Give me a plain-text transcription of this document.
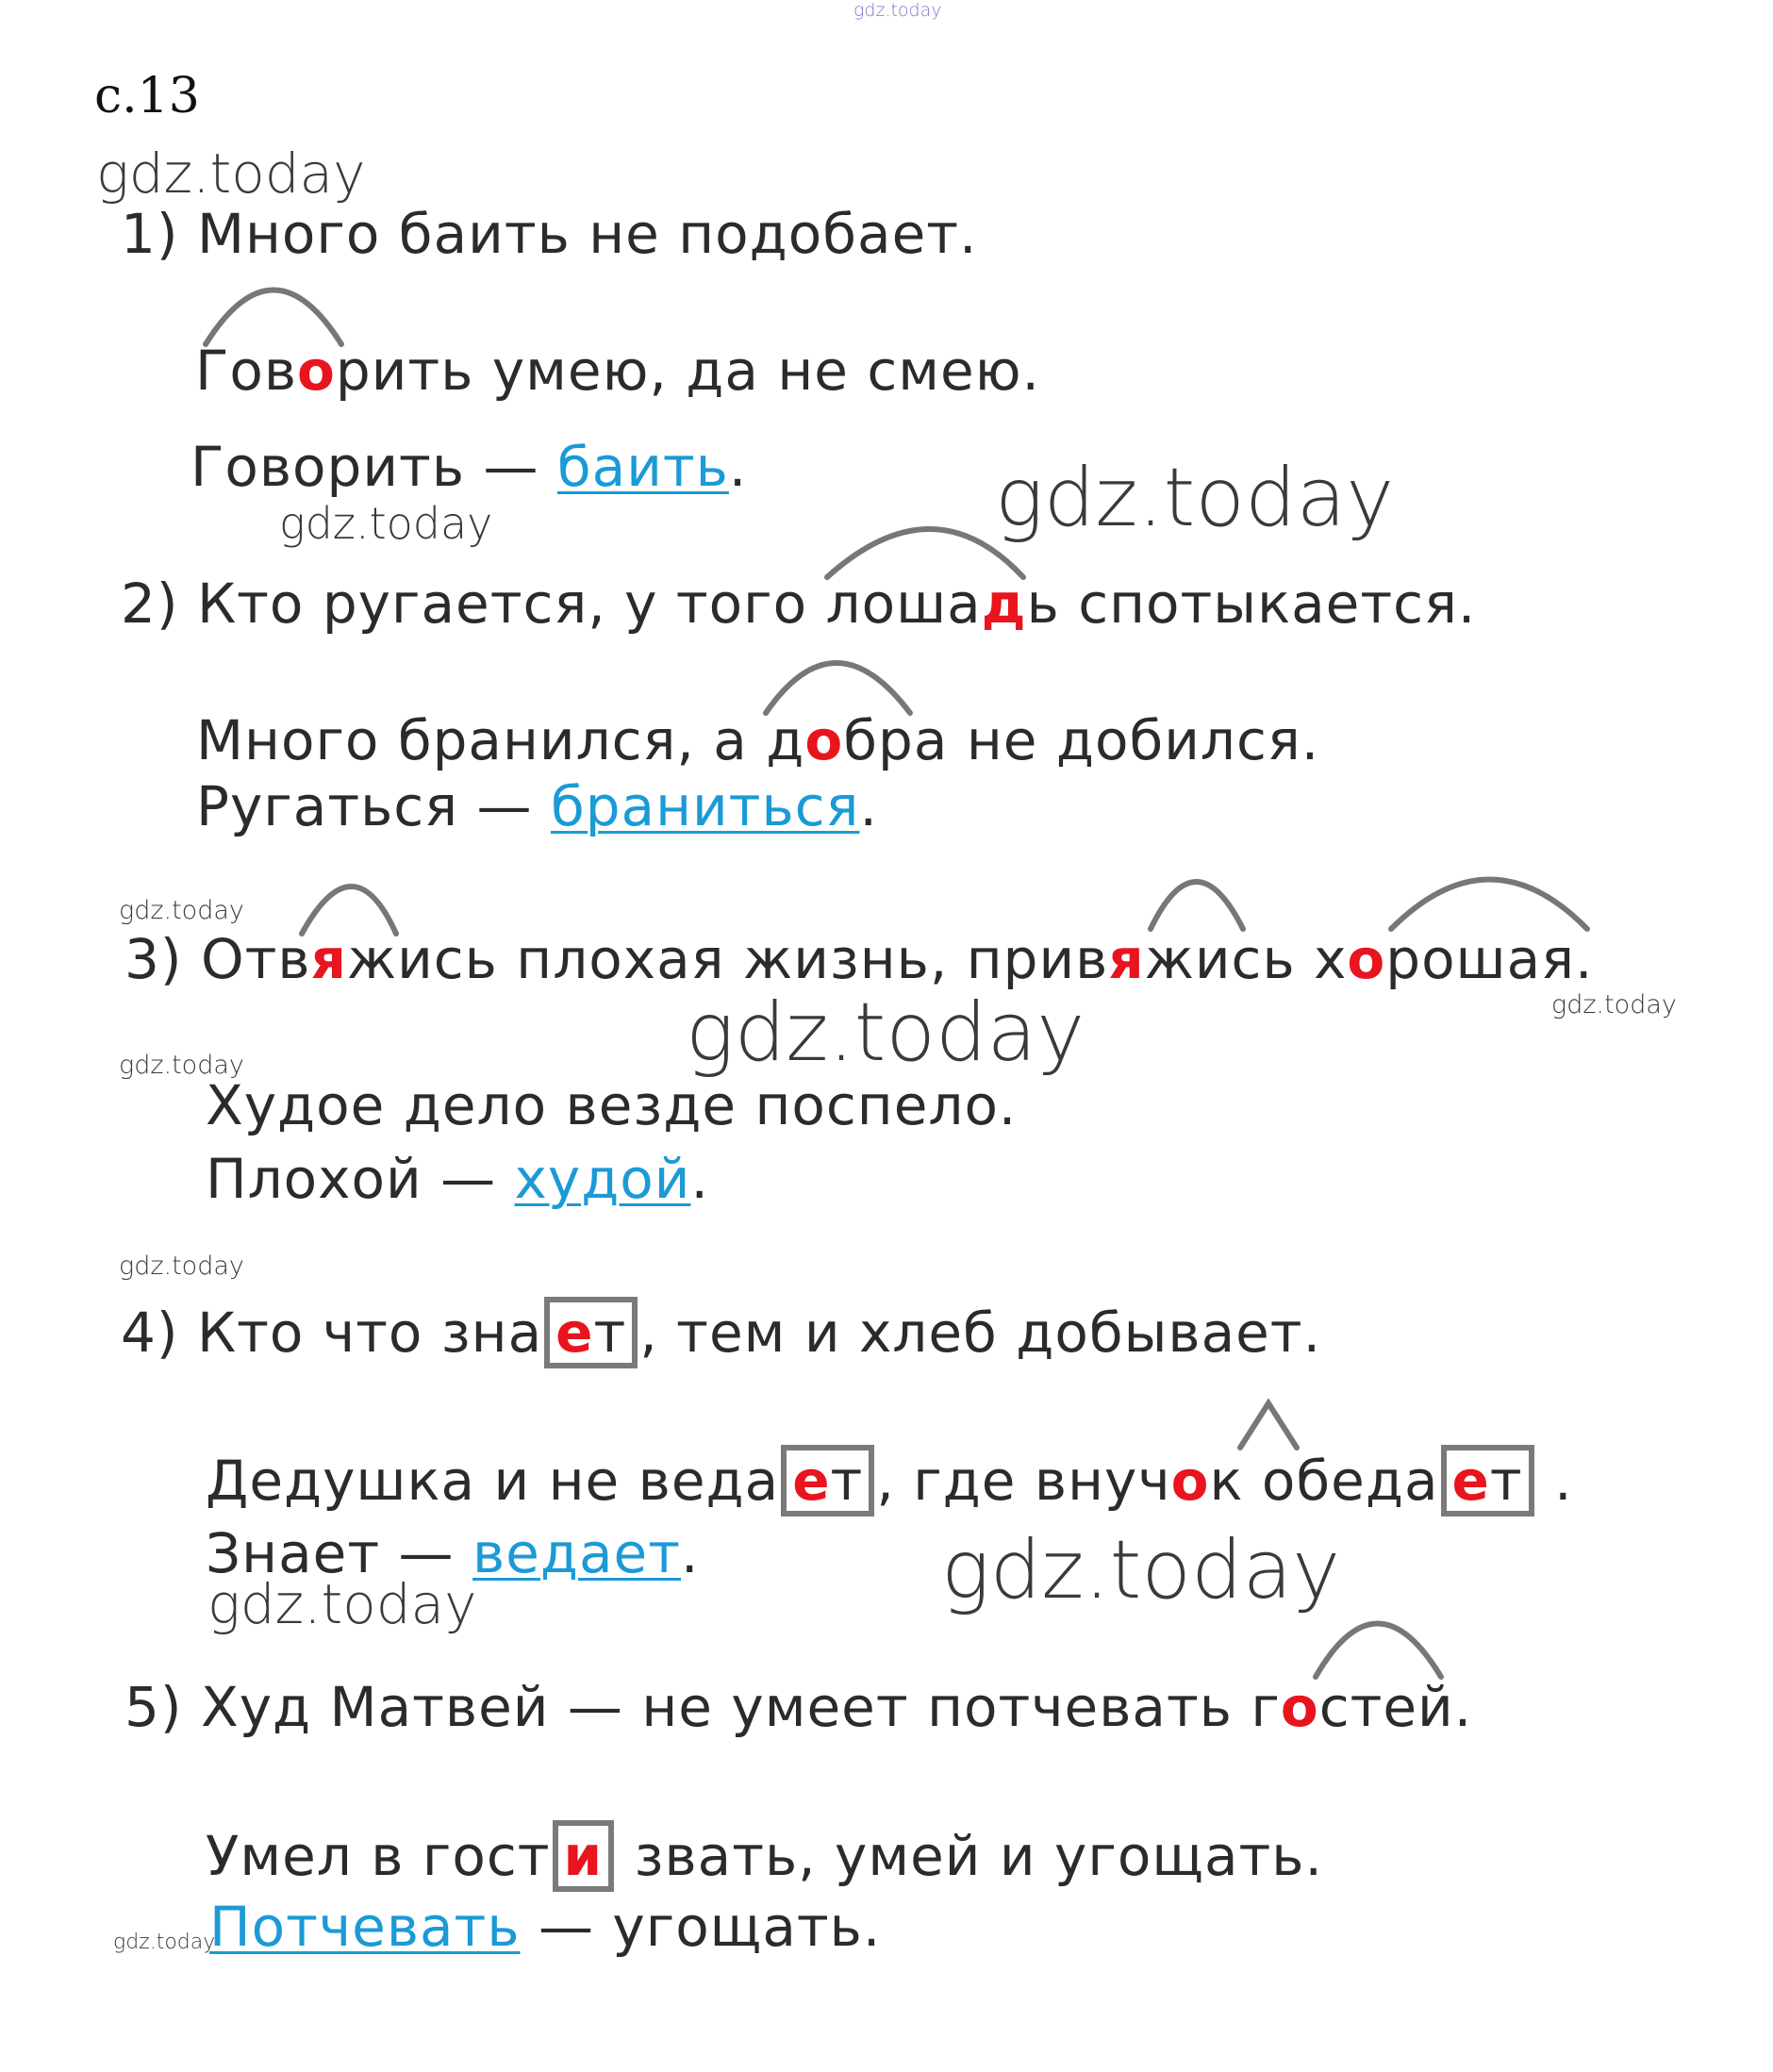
gdz.today
с.13
gdz.today
gdz.today	gdz.today
gdz.today
gdz.today
gdz.today
gdz.today
gdz.today
gdz.today	gdz.today
gdz.today
1) Много баить не подобает.
Говорить умею, да не смею.
Говорить — баить.
2) Кто ругается, у того лошадь спотыкается.
Много бранился, а добра не добился.
Ругаться — браниться.
3) Отвяжись плохая жизнь, привяжись хорошая.
Худое дело везде поспело.
Плохой — худой.
4) Кто что зна ет , тем и хлеб добывает.
Дедушка и не веда ет , где внучок обеда ет .
Знает — ведает.
5) Худ Матвей — не умеет потчевать гостей.
Умел в гост и звать, умей и угощать.
Потчевать — угощать.
